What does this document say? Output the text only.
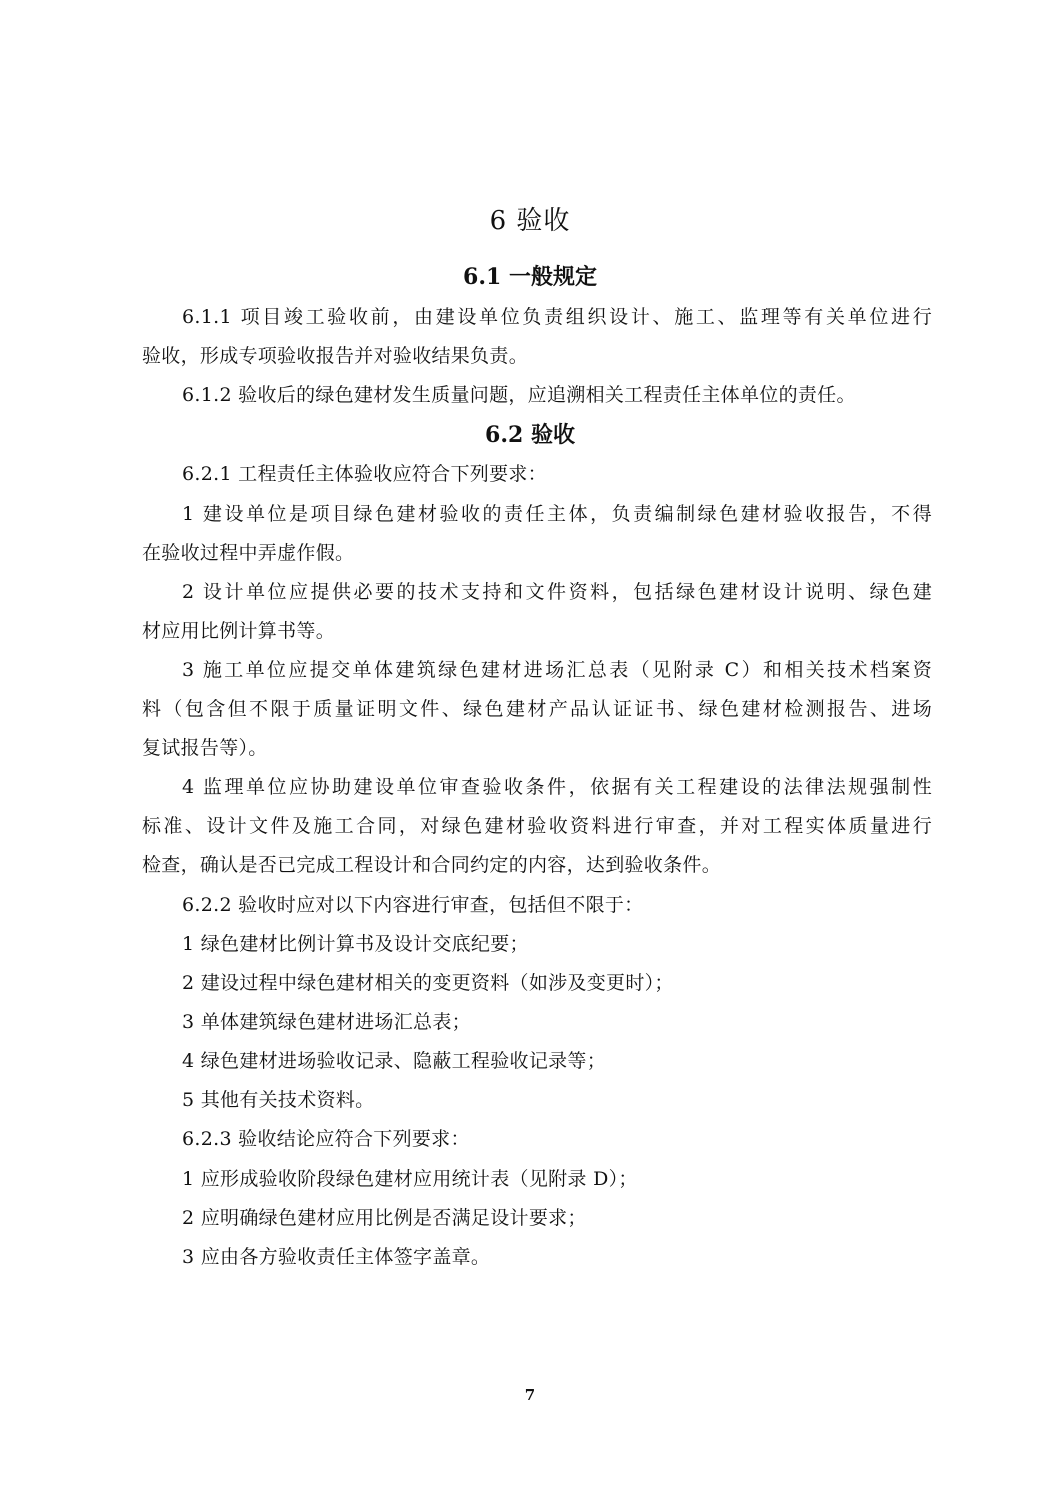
6 验收
6.1 一般规定
6.1.1 项目竣工验收前，由建设单位负责组织设计、施工、监理等有关单位进行
验收，形成专项验收报告并对验收结果负责。
6.1.2 验收后的绿色建材发生质量问题，应追溯相关工程责任主体单位的责任。
6.2 验收
6.2.1 工程责任主体验收应符合下列要求：
1 建设单位是项目绿色建材验收的责任主体，负责编制绿色建材验收报告，不得
在验收过程中弄虚作假。
2 设计单位应提供必要的技术支持和文件资料，包括绿色建材设计说明、绿色建
材应用比例计算书等。
3 施工单位应提交单体建筑绿色建材进场汇总表（见附录 C）和相关技术档案资
料（包含但不限于质量证明文件、绿色建材产品认证证书、绿色建材检测报告、进场
复试报告等）。
4 监理单位应协助建设单位审查验收条件，依据有关工程建设的法律法规强制性
标准、设计文件及施工合同，对绿色建材验收资料进行审查，并对工程实体质量进行
检查，确认是否已完成工程设计和合同约定的内容，达到验收条件。
6.2.2 验收时应对以下内容进行审查，包括但不限于：
1 绿色建材比例计算书及设计交底纪要；
2 建设过程中绿色建材相关的变更资料（如涉及变更时）；
3 单体建筑绿色建材进场汇总表；
4 绿色建材进场验收记录、隐蔽工程验收记录等；
5 其他有关技术资料。
6.2.3 验收结论应符合下列要求：
1 应形成验收阶段绿色建材应用统计表（见附录 D）；
2 应明确绿色建材应用比例是否满足设计要求；
3 应由各方验收责任主体签字盖章。
7
